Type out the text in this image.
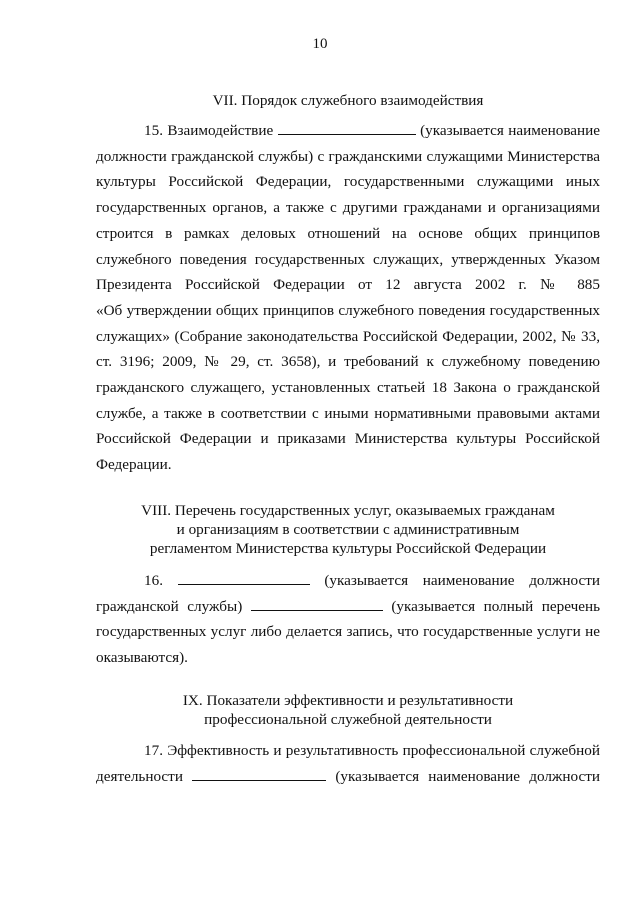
10
VII. Порядок служебного взаимодействия

15. Взаимодействие	(указывается наименование

должности гражданской службы) с гражданскими служащими Министерства

культуры Российской Федерации, государственными служащими иных

государственных органов, а также с другими гражданами и организациями

строится в рамках деловых отношений на основе общих принципов

служебного поведения государственных служащих, утвержденных Указом

Президента Российской Федерации от 12 августа 2002 г. № 885

«Об утверждении общих принципов служебного поведения государственных

служащих» (Собрание законодательства Российской Федерации, 2002, № 33,

ст. 3196; 2009, № 29, ст. 3658), и требований к служебному поведению

гражданского служащего, установленных статьей 18 Закона о гражданской

службе, а также в соответствии с иными нормативными правовыми актами

Российской Федерации и приказами Министерства культуры Российской

Федерации.

VIII. Перечень государственных услуг, оказываемых гражданам
и организациям в соответствии с административным
регламентом Министерства культуры Российской Федерации

16.	(указывается наименование должности

гражданской службы)	(указывается полный перечень

государственных услуг либо делается запись, что государственные услуги не

оказываются).

IX. Показатели эффективности и результативности
профессиональной служебной деятельности

17. Эффективность и результативность профессиональной служебной

деятельности	(указывается наименование должности
